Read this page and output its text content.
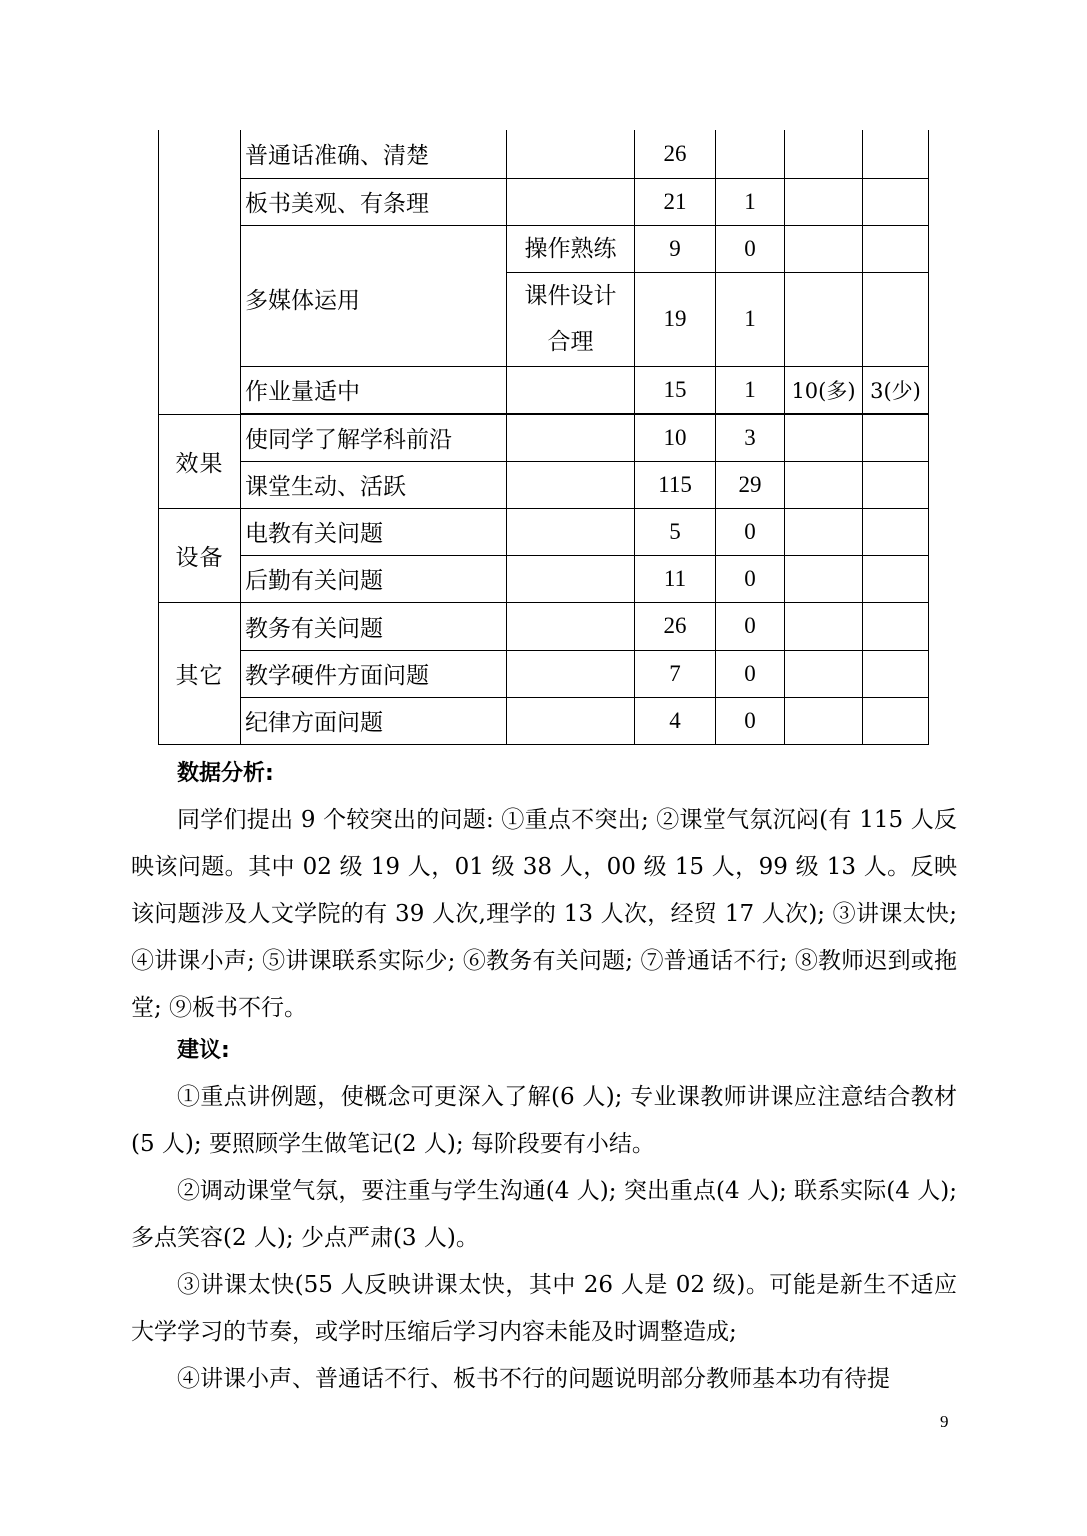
	普通话准确、清楚		26			
	板书美观、有条理		21	1		
	多媒体运用	操作熟练	9	0		
		课件设计合理	19	1		
	作业量适中		15	1	10(多)	3(少)

效果	使同学了解学科前沿		10	3		
	课堂生动、活跃		115	29		
设备	电教有关问题		5	0		
	后勤有关问题		11	0		
其它	教务有关问题		26	0		
	教学硬件方面问题		7	0		
	纪律方面问题		4	0		

数据分析:

同学们提出 9 个较突出的问题: ①重点不突出; ②课堂气氛沉闷(有 115 人反映该问题。其中 02 级 19 人，01 级 38 人，00 级 15 人，99 级 13 人。反映该问题涉及人文学院的有 39 人次,理学的 13 人次，经贸 17 人次); ③讲课太快; ④讲课小声; ⑤讲课联系实际少; ⑥教务有关问题; ⑦普通话不行; ⑧教师迟到或拖堂; ⑨板书不行。

建议:

①重点讲例题，使概念可更深入了解(6 人); 专业课教师讲课应注意结合教材(5 人); 要照顾学生做笔记(2 人); 每阶段要有小结。

②调动课堂气氛，要注重与学生沟通(4 人); 突出重点(4 人); 联系实际(4 人); 多点笑容(2 人); 少点严肃(3 人)。

③讲课太快(55 人反映讲课太快，其中 26 人是 02 级)。可能是新生不适应大学学习的节奏，或学时压缩后学习内容未能及时调整造成;

④讲课小声、普通话不行、板书不行的问题说明部分教师基本功有待提

9
